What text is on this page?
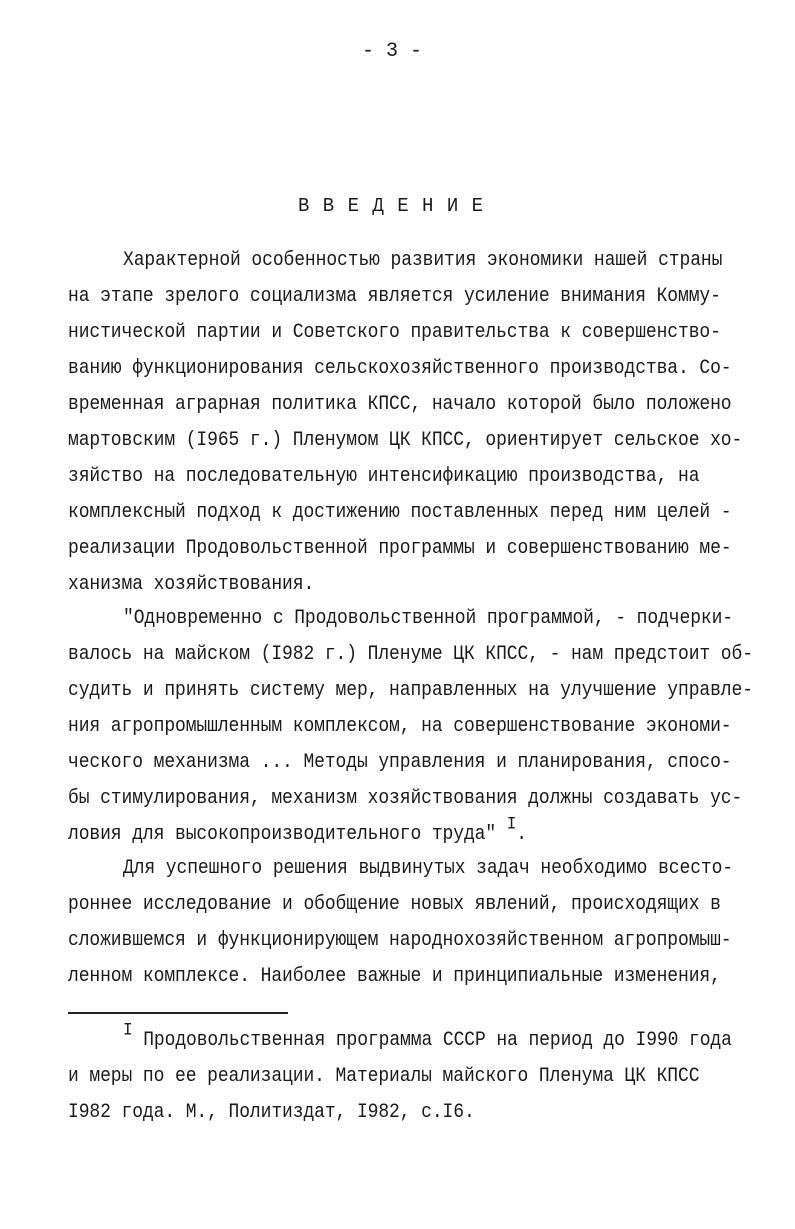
- 3 -
В В Е Д Е Н И Е
Характерной особенностью развития экономики нашей страны
на этапе зрелого социализма является усиление внимания Комму-
нистической партии и Советского правительства к совершенство-
ванию функционирования сельскохозяйственного производства. Со-
временная аграрная политика КПСС, начало которой было положено
мартовским (I965 г.) Пленумом ЦК КПСС, ориентирует сельское хо-
зяйство на последовательную интенсификацию производства, на
комплексный подход к достижению поставленных перед ним целей -
реализации Продовольственной программы и совершенствованию ме-
ханизма хозяйствования.
"Одновременно с Продовольственной программой, - подчерки-
валось на майском (I982 г.) Пленуме ЦК КПСС, - нам предстоит об-
судить и принять систему мер, направленных на улучшение управле-
ния агропромышленным комплексом, на совершенствование экономи-
ческого механизма ... Методы управления и планирования, спосо-
бы стимулирования, механизм хозяйствования должны создавать ус-
ловия для высокопроизводительного труда" $^I$.
Для успешного решения выдвинутых задач необходимо всесто-
роннее исследование и обобщение новых явлений, происходящих в
сложившемся и функционирующем народнохозяйственном агропромыш-
ленном комплексе. Наиболее важные и принципиальные изменения,
$^I$ Продовольственная программа СССР на период до I990 года
и меры по ее реализации. Материалы майского Пленума ЦК КПСС
I982 года. М., Политиздат, I982, с.I6.
